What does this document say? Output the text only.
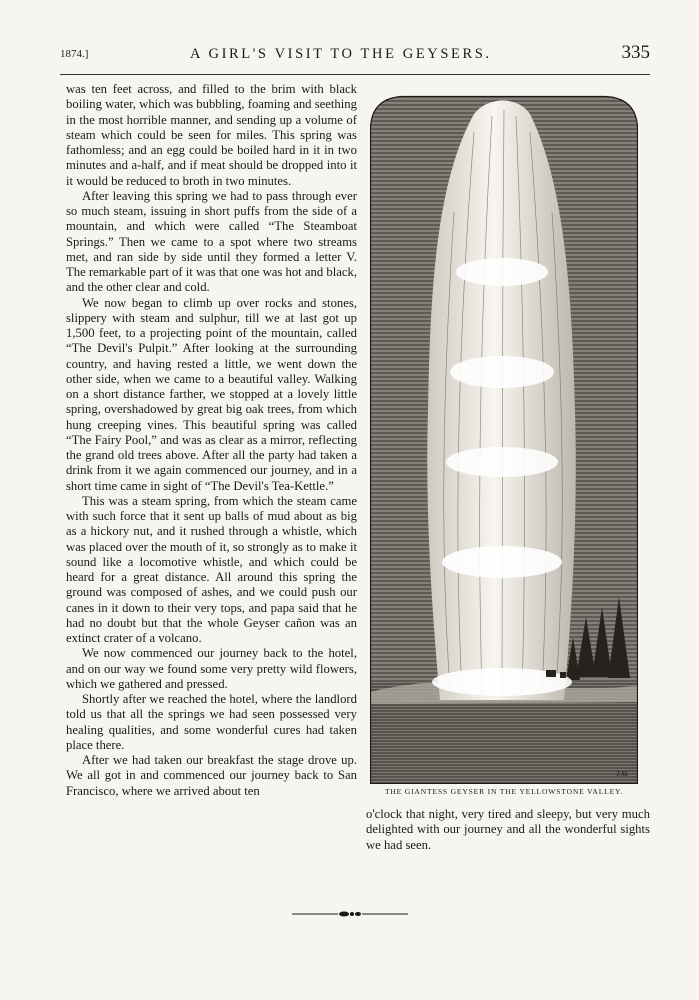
1874.]	A GIRL'S VISIT TO THE GEYSERS.	335

was ten feet across, and filled to the brim with black boiling water, which was bubbling, foaming and seething in the most horrible manner, and sending up a volume of steam which could be seen for miles. This spring was fathomless; and an egg could be boiled hard in it in two minutes and a-half, and if meat should be dropped into it it would be reduced to broth in two minutes.

After leaving this spring we had to pass through ever so much steam, issuing in short puffs from the side of a mountain, and which were called “The Steamboat Springs.” Then we came to a spot where two streams met, and ran side by side until they formed a letter V. The remarkable part of it was that one was hot and black, and the other clear and cold.

We now began to climb up over rocks and stones, slippery with steam and sulphur, till we at last got up 1,500 feet, to a projecting point of the mountain, called “The Devil's Pulpit.” After looking at the surrounding country, and having rested a little, we went down the other side, when we came to a beautiful valley. Walking on a short distance farther, we stopped at a lovely little spring, overshadowed by great big oak trees, from which hung creeping vines. This beautiful spring was called “The Fairy Pool,” and was as clear as a mirror, reflecting the grand old trees above. After all the party had taken a drink from it we again commenced our journey, and in a short time came in sight of “The Devil's Tea-Kettle.”

This was a steam spring, from which the steam came with such force that it sent up balls of mud about as big as a hickory nut, and it rushed through a whistle, which was placed over the mouth of it, so strongly as to make it sound like a locomotive whistle, and which could be heard for a great distance. All around this spring the ground was composed of ashes, and we could push our canes in it down to their very tops, and papa said that he had no doubt but that the whole Geyser cañon was an extinct crater of a volcano.

We now commenced our journey back to the hotel, and on our way we found some very pretty wild flowers, which we gathered and pressed.

Shortly after we reached the hotel, where the landlord told us that all the springs we had seen possessed very healing qualities, and some wonderful cures had taken place there.

After we had taken our breakfast the stage drove up. We all got in and commenced our journey back to San Francisco, where we arrived about ten

T.M.
THE GIANTESS GEYSER IN THE YELLOWSTONE VALLEY.

o'clock that night, very tired and sleepy, but very much delighted with our journey and all the wonderful sights we had seen.
